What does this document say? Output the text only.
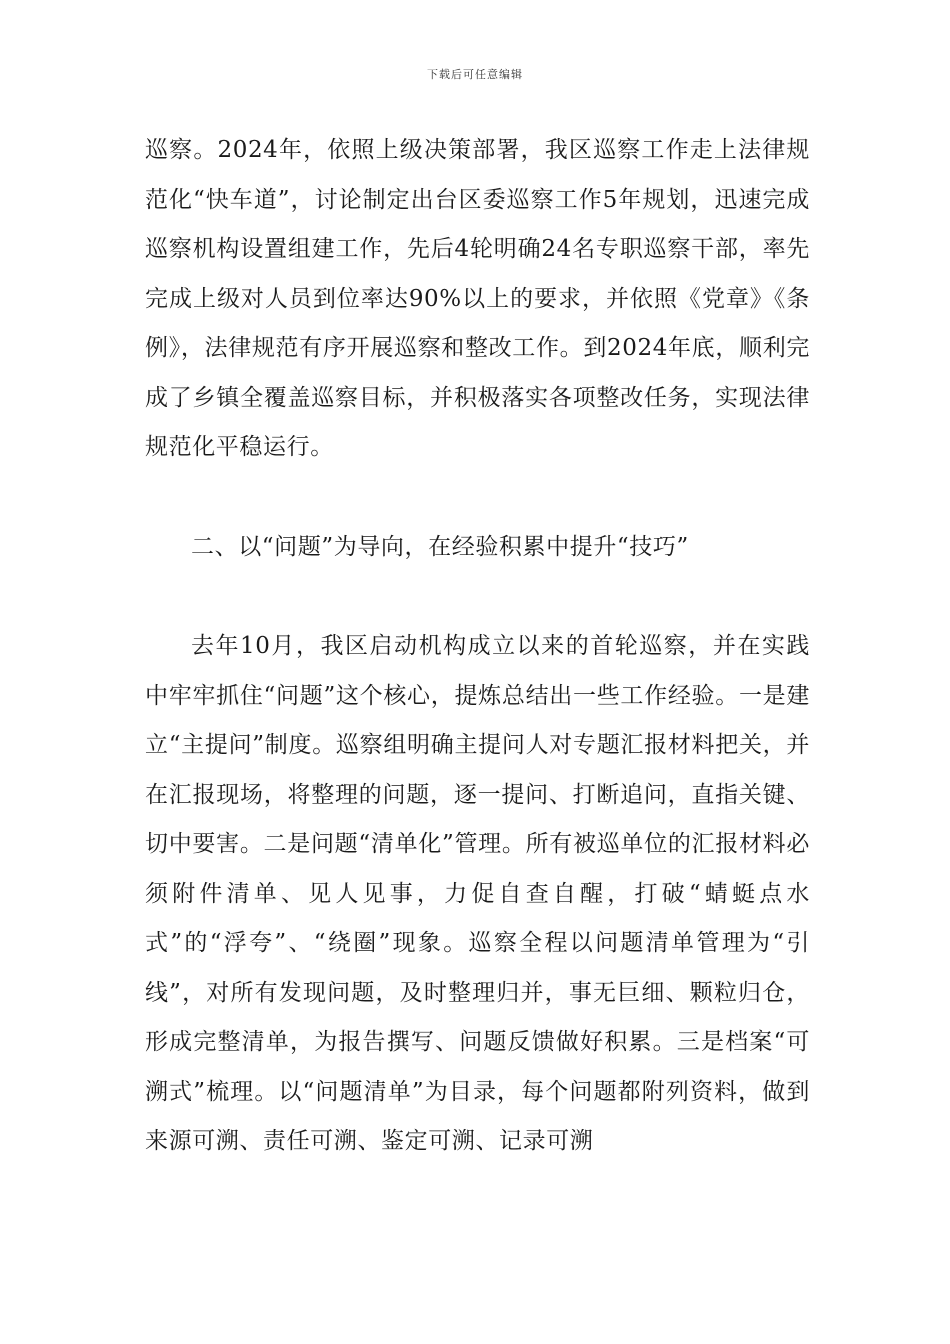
下载后可任意编辑

巡察。2024年，依照上级决策部署，我区巡察工作走上法律规范化“快车道”，讨论制定出台区委巡察工作5年规划，迅速完成巡察机构设置组建工作，先后4轮明确24名专职巡察干部，率先完成上级对人员到位率达90%以上的要求，并依照《党章》《条例》，法律规范有序开展巡察和整改工作。到2024年底，顺利完成了乡镇全覆盖巡察目标，并积极落实各项整改任务，实现法律规范化平稳运行。

二、以“问题”为导向，在经验积累中提升“技巧”

去年10月，我区启动机构成立以来的首轮巡察，并在实践中牢牢抓住“问题”这个核心，提炼总结出一些工作经验。一是建立“主提问”制度。巡察组明确主提问人对专题汇报材料把关，并在汇报现场，将整理的问题，逐一提问、打断追问，直指关键、切中要害。二是问题“清单化”管理。所有被巡单位的汇报材料必须附件清单、见人见事，力促自查自醒，打破“蜻蜓点水式”的“浮夸”、“绕圈”现象。巡察全程以问题清单管理为“引线”，对所有发现问题，及时整理归并，事无巨细、颗粒归仓，形成完整清单，为报告撰写、问题反馈做好积累。三是档案“可溯式”梳理。以“问题清单”为目录，每个问题都附列资料，做到来源可溯、责任可溯、鉴定可溯、记录可溯
